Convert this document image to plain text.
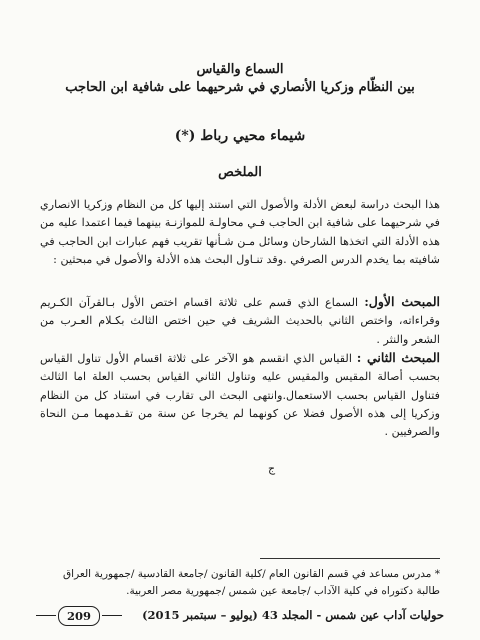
السماع والقياس
بين النظّام وزكريا الأنصاري في شرحيهما على شافية ابن الحاجب
شيماء محيي رباط (*)
الملخص
هذا البحث دراسة لبعض الأدلة والأصول التي استند إليها كل من النظام وزكريا الانصاري في شرحيهما على شافية ابن الحاجب فـي محاولـة للموازنـة بينهما فيما اعتمدا عليه من هذه الأدلة التي اتخذها الشارحان وسائل مـن شـأنها تقريب فهم عبارات ابن الحاجب في شافيته بما يخدم الدرس الصرفي .وقد تنـاول البحث هذه الأدلة والأصول في مبحثين :
المبحث الأول: السماع الذي قسم على ثلاثة اقسام اختص الأول بـالقرآن الكـريم وقراءاته، واختص الثاني بالحديث الشريف في حين اختص الثالث بكـلام العـرب من الشعر والنثر .
المبحث الثاني : القياس الذي انقسم هو الآخر على ثلاثة اقسام الأول تناول القياس بحسب أصالة المقيس والمقيس عليه وتناول الثاني القياس بحسب العلة اما الثالث فتناول القياس بحسب الاستعمال.وانتهى البحث الى تقارب في استناد كل من النظام وزكريا إلى هذه الأصول فضلا عن كونهما لم يخرجا عن سنة من تقـدمهما مـن النحاة والصرفيين .
ج
* مدرس مساعد في قسم القانون العام /كلية القانون /جامعة القادسية /جمهورية العراق
طالبة دكتوراه في كلية الآداب /جامعة عين شمس /جمهورية مصر العربية.
حوليات آداب عين شمس - المجلد 43 (يوليو – سبتمبر 2015)
209
